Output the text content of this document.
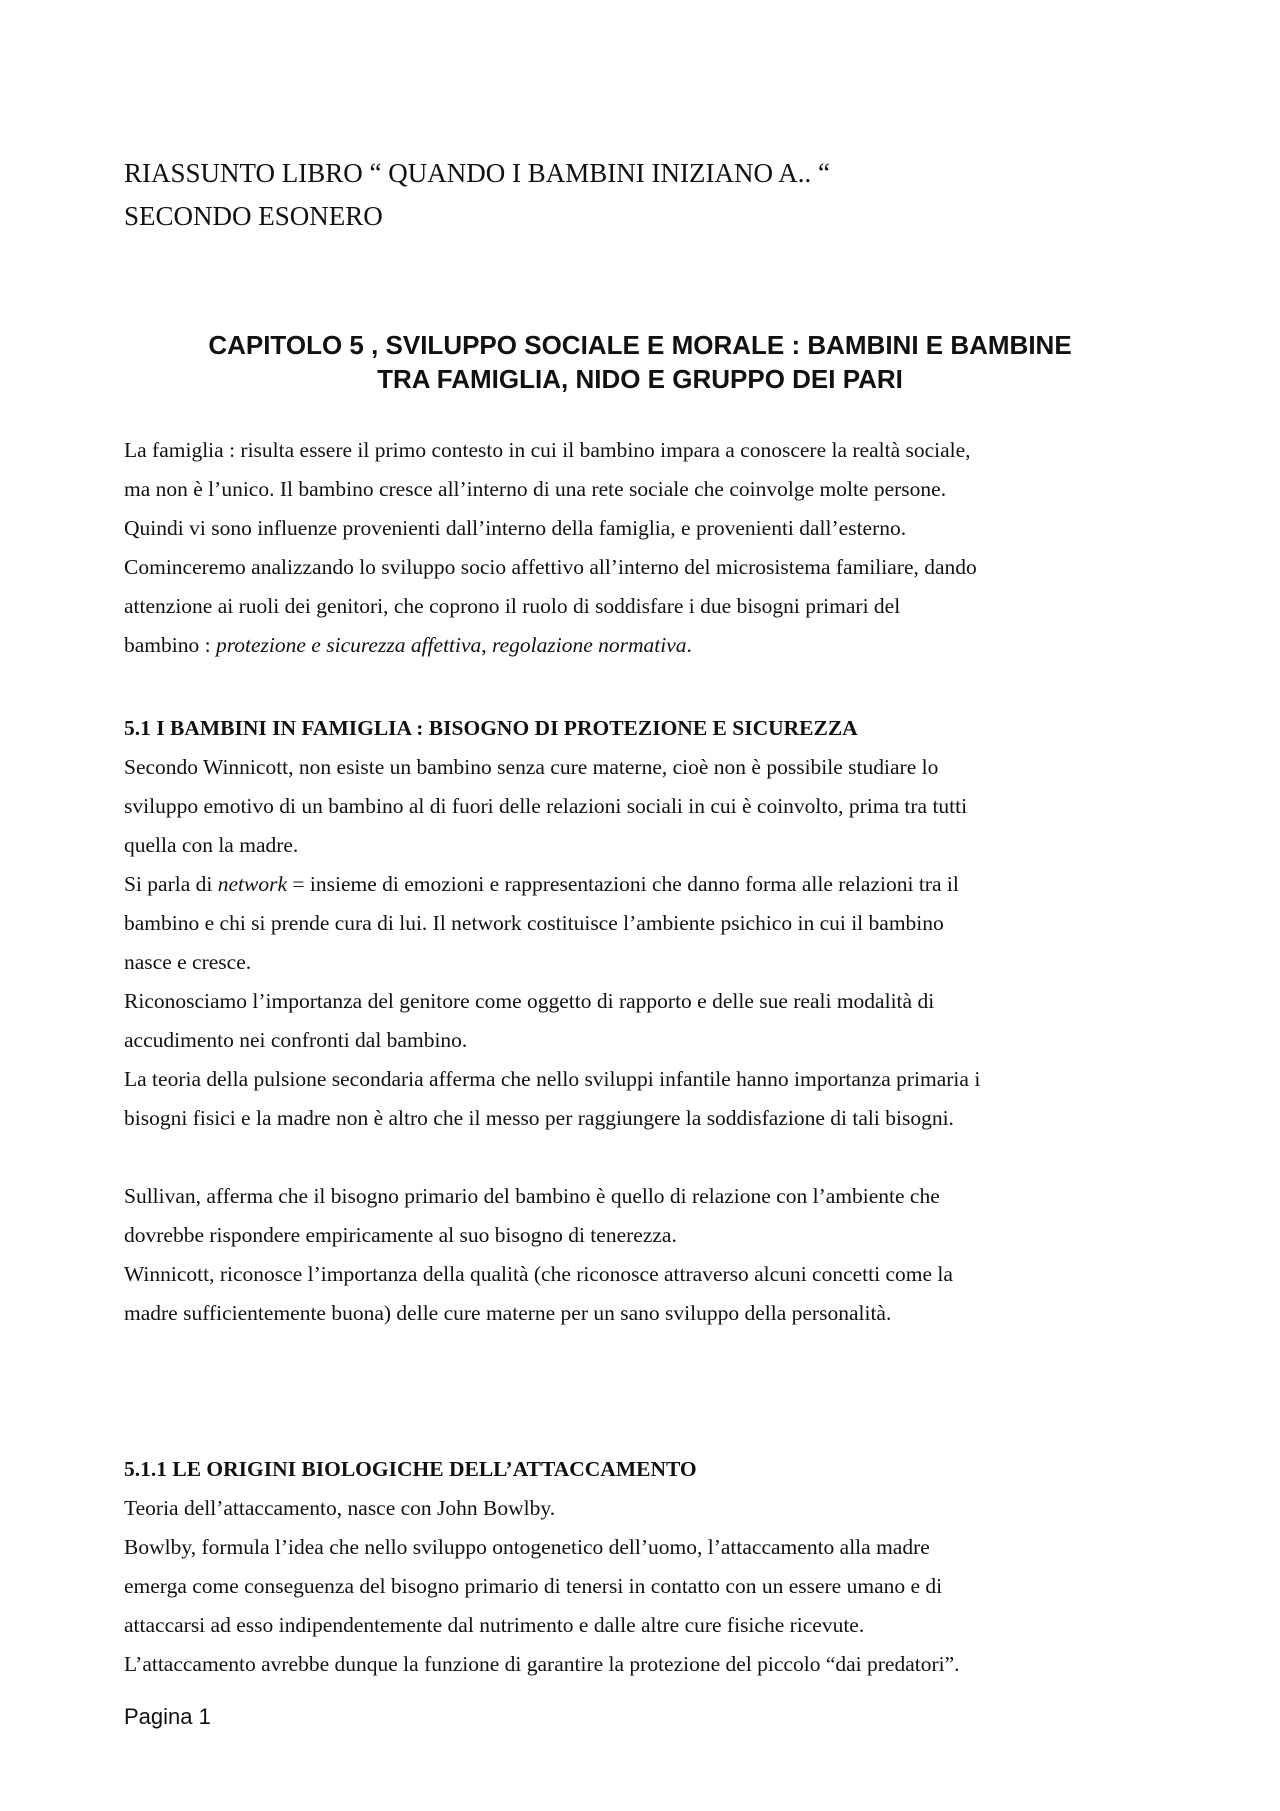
RIASSUNTO LIBRO “ QUANDO I BAMBINI INIZIANO A.. “
SECONDO ESONERO
CAPITOLO 5 , SVILUPPO SOCIALE E MORALE : BAMBINI E BAMBINE
TRA FAMIGLIA, NIDO E GRUPPO DEI PARI
La famiglia : risulta essere il primo contesto in cui il bambino impara a conoscere la realtà sociale,
ma non è l’unico. Il bambino cresce all’interno di una rete sociale che coinvolge molte persone.
Quindi vi sono influenze provenienti dall’interno della famiglia, e provenienti dall’esterno.
Cominceremo analizzando lo sviluppo socio affettivo all’interno del microsistema familiare, dando
attenzione ai ruoli dei genitori, che coprono il ruolo di soddisfare i due bisogni primari del
bambino : protezione e sicurezza affettiva, regolazione normativa.
5.1 I BAMBINI IN FAMIGLIA : BISOGNO DI PROTEZIONE E SICUREZZA
Secondo Winnicott, non esiste un bambino senza cure materne, cioè non è possibile studiare lo
sviluppo emotivo di un bambino al di fuori delle relazioni sociali in cui è coinvolto, prima tra tutti
quella con la madre.
Si parla di network = insieme di emozioni e rappresentazioni che danno forma alle relazioni tra il
bambino e chi si prende cura di lui. Il network costituisce l’ambiente psichico in cui il bambino
nasce e cresce.
Riconosciamo l’importanza del genitore come oggetto di rapporto e delle sue reali modalità di
accudimento nei confronti dal bambino.
La teoria della pulsione secondaria afferma che nello sviluppi infantile hanno importanza primaria i
bisogni fisici e la madre non è altro che il messo per raggiungere la soddisfazione di tali bisogni.
Sullivan, afferma che il bisogno primario del bambino è quello di relazione con l’ambiente che
dovrebbe rispondere empiricamente al suo bisogno di tenerezza.
Winnicott, riconosce l’importanza della qualità (che riconosce attraverso alcuni concetti come la
madre sufficientemente buona) delle cure materne per un sano sviluppo della personalità.
5.1.1 LE ORIGINI BIOLOGICHE DELL’ATTACCAMENTO
Teoria dell’attaccamento, nasce con John Bowlby.
Bowlby, formula l’idea che nello sviluppo ontogenetico dell’uomo, l’attaccamento alla madre
emerga come conseguenza del bisogno primario di tenersi in contatto con un essere umano e di
attaccarsi ad esso indipendentemente dal nutrimento e dalle altre cure fisiche ricevute.
L’attaccamento avrebbe dunque la funzione di garantire la protezione del piccolo “dai predatori”.
Pagina 1
